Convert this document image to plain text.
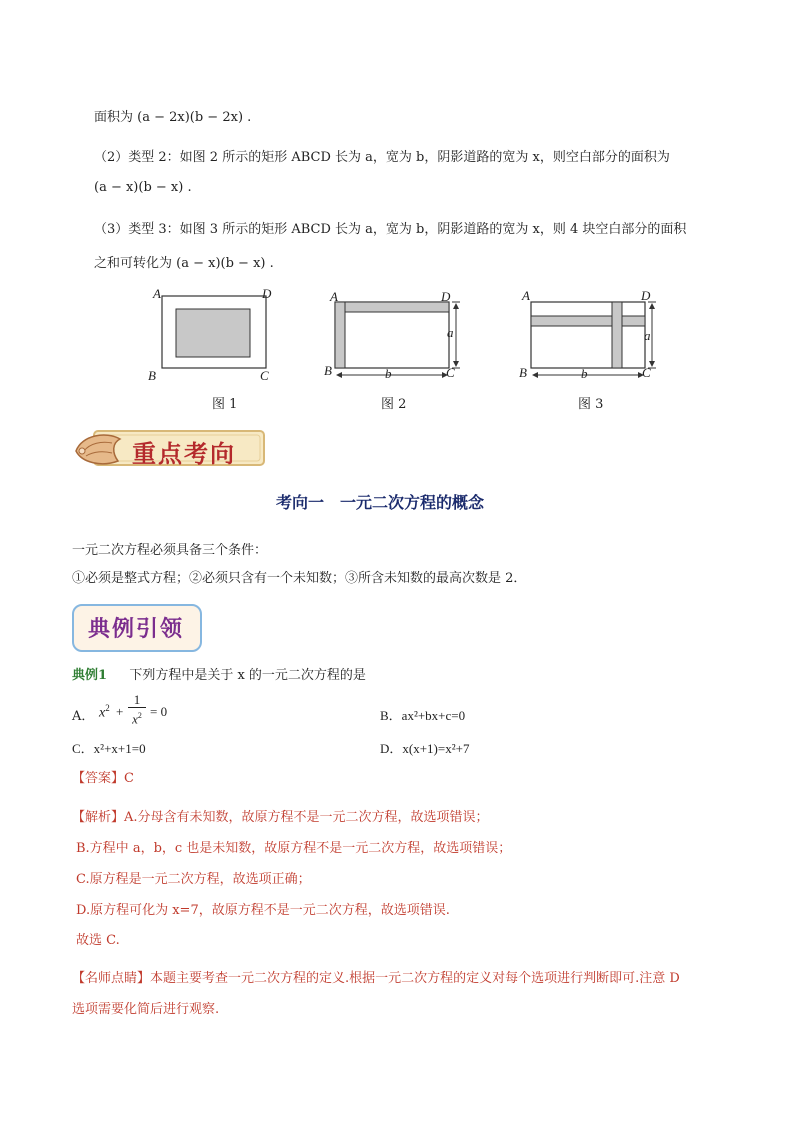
面积为 (a − 2x)(b − 2x) .
（2）类型 2：如图 2 所示的矩形 ABCD 长为 a，宽为 b，阴影道路的宽为 x，则空白部分的面积为
(a − x)(b − x) .
（3）类型 3：如图 3 所示的矩形 ABCD 长为 a，宽为 b，阴影道路的宽为 x，则 4 块空白部分的面积
之和可转化为 (a − x)(b − x) .
A	D
B	C
A	D
B	C
a
b
A	D
B	C
a
b
图 1	图 2	图 3
重点考向
考向一　一元二次方程的概念
一元二次方程必须具备三个条件：
①必须是整式方程；②必须只含有一个未知数；③所含未知数的最高次数是 2．
典例引领
典例1 下列方程中是关于 x 的一元二次方程的是
A． $x^2$ +
1
$x^2 = 0$	B．ax²+bx+c=0
C．x²+x+1=0	D．x(x+1)=x²+7
【答案】C
【解析】A.分母含有未知数，故原方程不是一元二次方程，故选项错误；
B.方程中 a，b，c 也是未知数，故原方程不是一元二次方程，故选项错误；
C.原方程是一元二次方程，故选项正确；
D.原方程可化为 x=7，故原方程不是一元二次方程，故选项错误.
故选 C.
【名师点睛】本题主要考查一元二次方程的定义.根据一元二次方程的定义对每个选项进行判断即可.注意 D
选项需要化简后进行观察.
